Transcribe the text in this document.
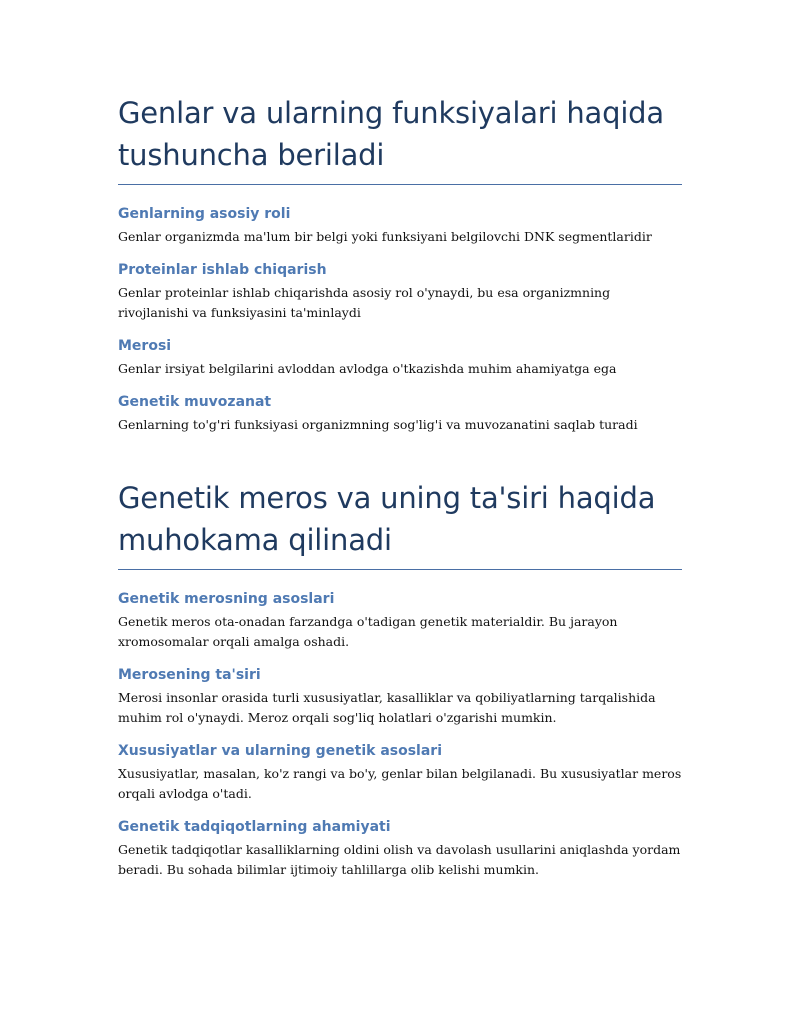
Genlar va ularning funksiyalari haqida tushuncha beriladi
Genlarning asosiy roli

Genlar organizmda ma'lum bir belgi yoki funksiyani belgilovchi DNK segmentlaridir

Proteinlar ishlab chiqarish

Genlar proteinlar ishlab chiqarishda asosiy rol o'ynaydi, bu esa organizmning rivojlanishi va funksiyasini ta'minlaydi

Merosi

Genlar irsiyat belgilarini avloddan avlodga o'tkazishda muhim ahamiyatga ega

Genetik muvozanat

Genlarning to'g'ri funksiyasi organizmning sog'lig'i va muvozanatini saqlab turadi

Genetik meros va uning ta'siri haqida muhokama qilinadi
Genetik merosning asoslari

Genetik meros ota-onadan farzandga o'tadigan genetik materialdir. Bu jarayon xromosomalar orqali amalga oshadi.

Merosening ta'siri

Merosi insonlar orasida turli xususiyatlar, kasalliklar va qobiliyatlarning tarqalishida muhim rol o'ynaydi. Meroz orqali sog'liq holatlari o'zgarishi mumkin.

Xususiyatlar va ularning genetik asoslari

Xususiyatlar, masalan, ko'z rangi va bo'y, genlar bilan belgilanadi. Bu xususiyatlar meros orqali avlodga o'tadi.

Genetik tadqiqotlarning ahamiyati

Genetik tadqiqotlar kasalliklarning oldini olish va davolash usullarini aniqlashda yordam beradi. Bu sohada bilimlar ijtimoiy tahlillarga olib kelishi mumkin.
